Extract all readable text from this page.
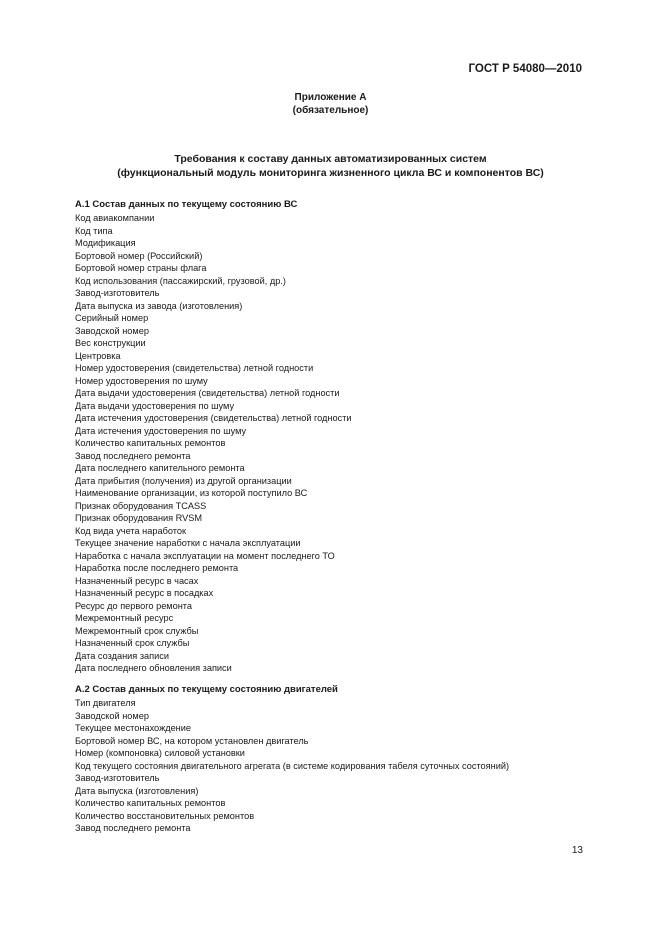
ГОСТ Р 54080—2010
Приложение А
(обязательное)
Требования к составу данных автоматизированных систем
(функциональный модуль мониторинга жизненного цикла ВС и компонентов ВС)
А.1 Состав данных по текущему состоянию ВС
Код авиакомпании
Код типа
Модификация
Бортовой номер (Российский)
Бортовой номер страны флага
Код использования (пассажирский, грузовой, др.)
Завод-изготовитель
Дата выпуска из завода (изготовления)
Серийный номер
Заводской номер
Вес конструкции
Центровка
Номер удостоверения (свидетельства) летной годности
Номер удостоверения по шуму
Дата выдачи удостоверения (свидетельства) летной годности
Дата выдачи удостоверения по шуму
Дата истечения удостоверения (свидетельства) летной годности
Дата истечения удостоверения по шуму
Количество капитальных ремонтов
Завод последнего ремонта
Дата последнего капительного ремонта
Дата прибытия (получения) из другой организации
Наименование организации, из которой поступило ВС
Признак оборудования TCASS
Признак оборудования RVSM
Код вида учета наработок
Текущее значение наработки с начала эксплуатации
Наработка с начала эксплуатации на момент последнего ТО
Наработка после последнего ремонта
Назначенный ресурс в часах
Назначенный ресурс в посадках
Ресурс до первого ремонта
Межремонтный ресурс
Межремонтный срок службы
Назначенный срок службы
Дата создания записи
Дата последнего обновления записи
А.2 Состав данных по текущему состоянию двигателей
Тип двигателя
Заводской номер
Текущее местонахождение
Бортовой номер ВС, на котором установлен двигатель
Номер (компоновка) силовой установки
Код текущего состояния двигательного агрегата (в системе кодирования табеля суточных состояний)
Завод-изготовитель
Дата выпуска (изготовления)
Количество капитальных ремонтов
Количество восстановительных ремонтов
Завод последнего ремонта
13
